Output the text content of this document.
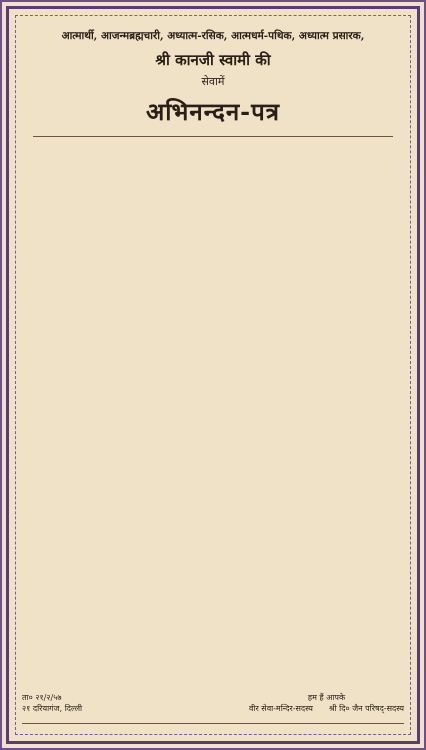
आत्मार्थी, आजन्मब्रह्मचारी, अध्यात्म-रसिक, आत्मधर्म-पथिक, अध्यात्म प्रसारक,
श्री कानजी स्वामी की
सेवामें
अभिनन्दन-पत्र
ता० २१/२/५७
२१ दरियागंज, दिल्ली
हम हैं आपके
वीर सेवा-मन्दिर-सदस्य श्री दि० जैन परिषद्-सदस्य
